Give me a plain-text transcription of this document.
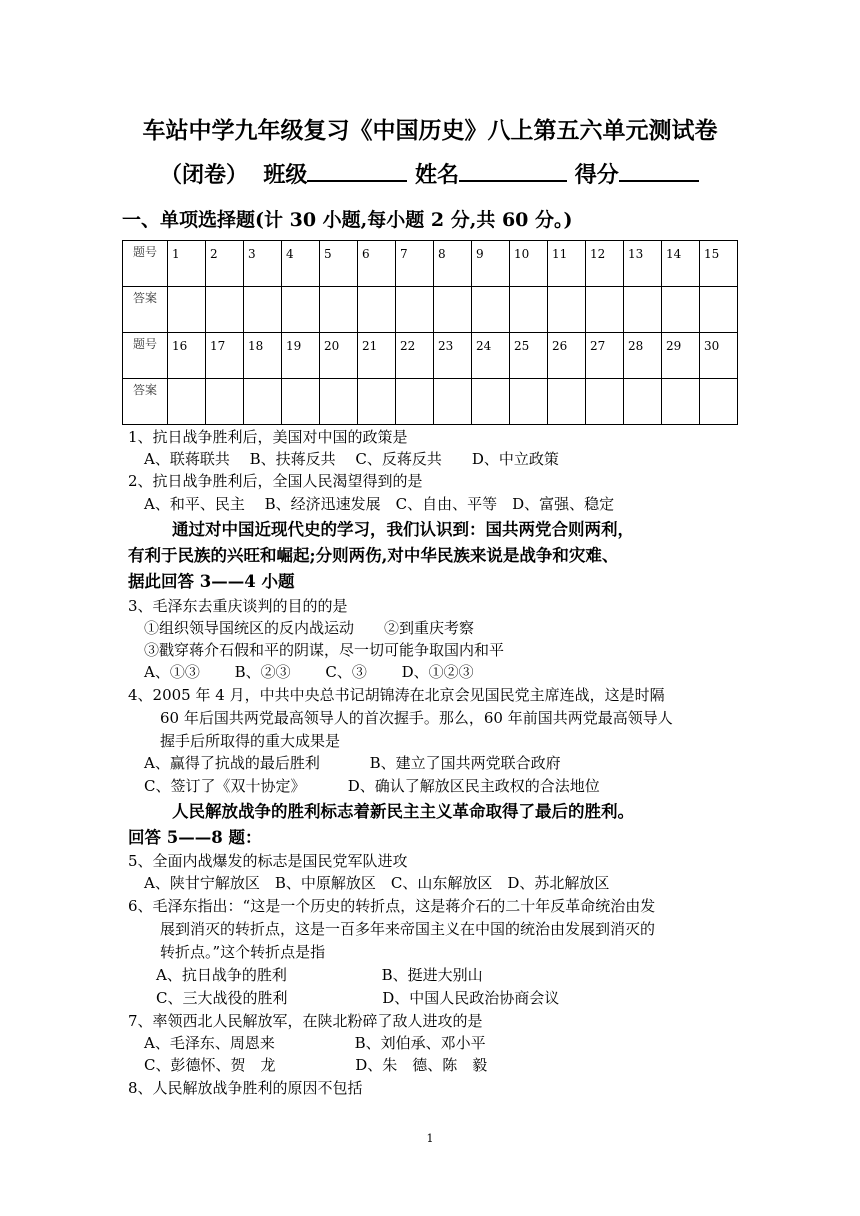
车站中学九年级复习《中国历史》八上第五六单元测试卷
（闭卷） 班级	姓名	得分
一、单项选择题(计 30 小题,每小题 2 分,共 60 分。)
题号	1	2	3	4	5	6	7	8	9	10	11	12	13	14	15
答案															
题号	16	17	18	19	20	21	22	23	24	25	26	27	28	29	30
答案															
1、抗日战争胜利后，美国对中国的政策是
A、联蒋联共　 B、扶蒋反共　 C、反蒋反共　　D、中立政策
2、抗日战争胜利后，全国人民渴望得到的是
A、和平、民主　 B、经济迅速发展　C、自由、平等　D、富强、稳定
通过对中国近现代史的学习，我们认识到：国共两党合则两利，
有利于民族的兴旺和崛起;分则两伤,对中华民族来说是战争和灾难、
据此回答 3——4 小题
3、毛泽东去重庆谈判的目的的是
①组织领导国统区的反内战运动　　②到重庆考察
③戳穿蒋介石假和平的阴谋，尽一切可能争取国内和平
A、①③　　 B、②③　　 C、③　　 D、①②③
4、2005 年 4 月，中共中央总书记胡锦涛在北京会见国民党主席连战，这是时隔
60 年后国共两党最高领导人的首次握手。那么，60 年前国共两党最高领导人
握手后所取得的重大成果是
A、赢得了抗战的最后胜利　　　 B、建立了国共两党联合政府
C、签订了《双十协定》　　　 D、确认了解放区民主政权的合法地位
人民解放战争的胜利标志着新民主主义革命取得了最后的胜利。
回答 5——8 题：
5、全面内战爆发的标志是国民党军队进攻
A、陕甘宁解放区　B、中原解放区　C、山东解放区　D、苏北解放区
6、毛泽东指出：“这是一个历史的转折点，这是蒋介石的二十年反革命统治由发
展到消灭的转折点，这是一百多年来帝国主义在中国的统治由发展到消灭的
转折点。”这个转折点是指
A、抗日战争的胜利　　　　　　 B、挺进大别山
C、三大战役的胜利　　　　　　 D、中国人民政治协商会议
7、率领西北人民解放军，在陕北粉碎了敌人进攻的是
A、毛泽东、周恩来　　　　　 B、刘伯承、邓小平
C、彭德怀、贺　龙　　　　　 D、朱　德、陈　毅
8、人民解放战争胜利的原因不包括
1
